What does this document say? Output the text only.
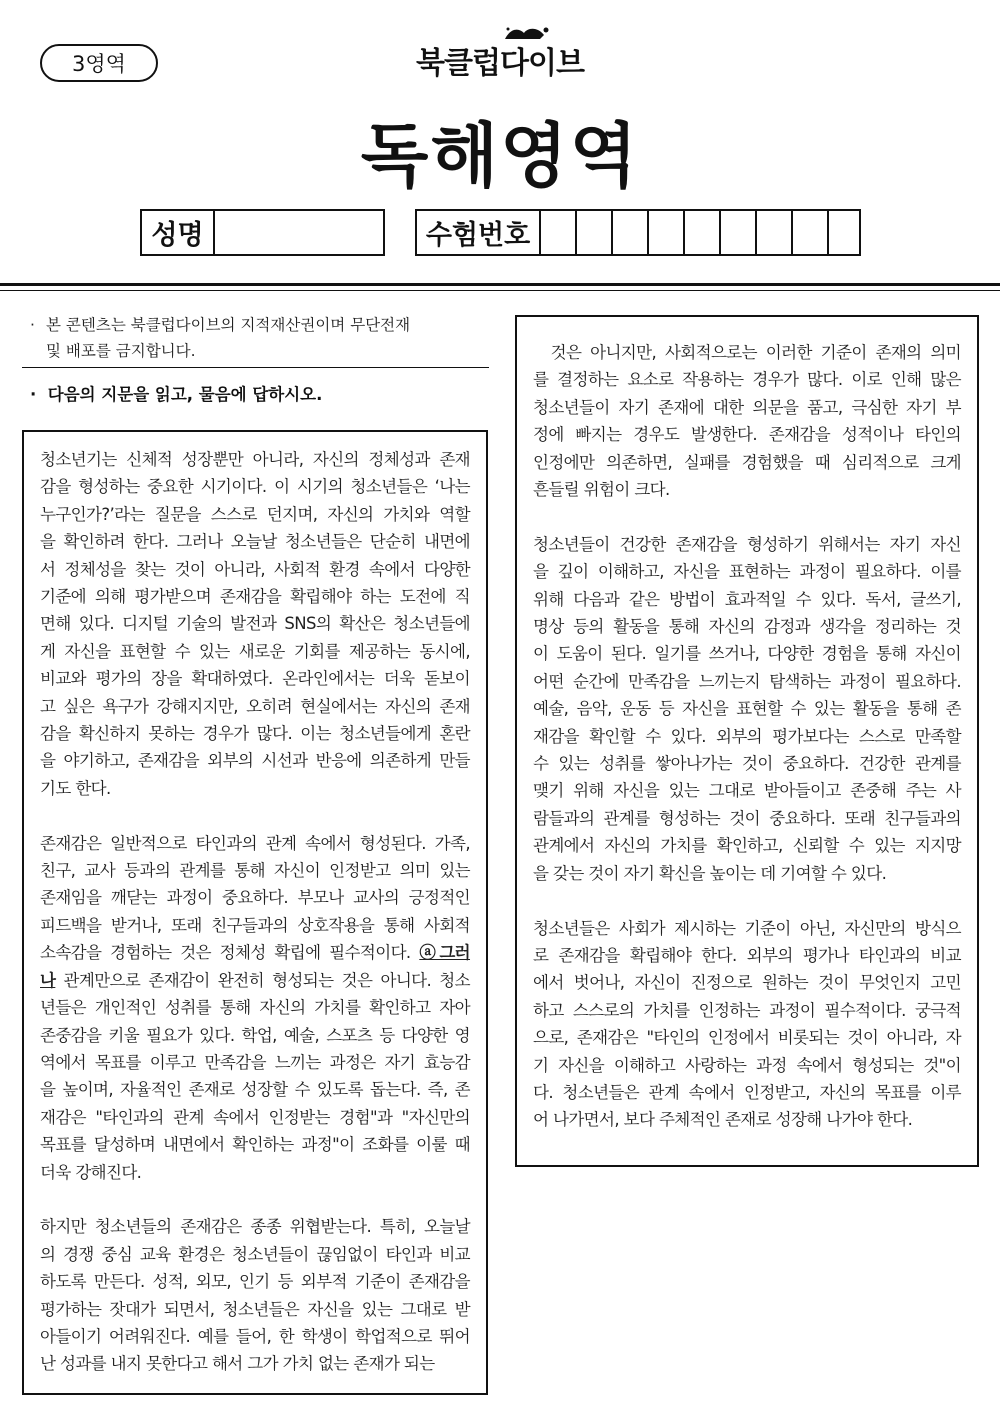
3영역	북클럽다이브
독해영역
성명	수험번호
· 본 콘텐츠는 북클럽다이브의 지적재산권이며 무단전재
및 배포를 금지합니다.
·  다음의 지문을 읽고, 물음에 답하시오.

청소년기는 신체적 성장뿐만 아니라, 자신의 정체성과 존재
감을 형성하는 중요한 시기이다. 이 시기의 청소년들은 ‘나는
누구인가?’라는 질문을 스스로 던지며, 자신의 가치와 역할
을 확인하려 한다. 그러나 오늘날 청소년들은 단순히 내면에
서 정체성을 찾는 것이 아니라, 사회적 환경 속에서 다양한
기준에 의해 평가받으며 존재감을 확립해야 하는 도전에 직
면해 있다. 디지털 기술의 발전과 SNS의 확산은 청소년들에
게 자신을 표현할 수 있는 새로운 기회를 제공하는 동시에,
비교와 평가의 장을 확대하였다. 온라인에서는 더욱 돋보이
고 싶은 욕구가 강해지지만, 오히려 현실에서는 자신의 존재
감을 확신하지 못하는 경우가 많다. 이는 청소년들에게 혼란
을 야기하고, 존재감을 외부의 시선과 반응에 의존하게 만들
기도 한다.

존재감은 일반적으로 타인과의 관계 속에서 형성된다. 가족,
친구, 교사 등과의 관계를 통해 자신이 인정받고 의미 있는
존재임을 깨닫는 과정이 중요하다. 부모나 교사의 긍정적인
피드백을 받거나, 또래 친구들과의 상호작용을 통해 사회적
소속감을 경험하는 것은 정체성 확립에 필수적이다. ⓐ그러
나 관계만으로 존재감이 완전히 형성되는 것은 아니다. 청소
년들은 개인적인 성취를 통해 자신의 가치를 확인하고 자아
존중감을 키울 필요가 있다. 학업, 예술, 스포츠 등 다양한 영
역에서 목표를 이루고 만족감을 느끼는 과정은 자기 효능감
을 높이며, 자율적인 존재로 성장할 수 있도록 돕는다. 즉, 존
재감은 "타인과의 관계 속에서 인정받는 경험"과 "자신만의
목표를 달성하며 내면에서 확인하는 과정"이 조화를 이룰 때
더욱 강해진다.

하지만 청소년들의 존재감은 종종 위협받는다. 특히, 오늘날
의 경쟁 중심 교육 환경은 청소년들이 끊임없이 타인과 비교
하도록 만든다. 성적, 외모, 인기 등 외부적 기준이 존재감을
평가하는 잣대가 되면서, 청소년들은 자신을 있는 그대로 받
아들이기 어려워진다. 예를 들어, 한 학생이 학업적으로 뛰어
난 성과를 내지 못한다고 해서 그가 가치 없는 존재가 되는

것은 아니지만, 사회적으로는 이러한 기준이 존재의 의미
를 결정하는 요소로 작용하는 경우가 많다. 이로 인해 많은
청소년들이 자기 존재에 대한 의문을 품고, 극심한 자기 부
정에 빠지는 경우도 발생한다. 존재감을 성적이나 타인의
인정에만 의존하면, 실패를 경험했을 때 심리적으로 크게
흔들릴 위험이 크다.

청소년들이 건강한 존재감을 형성하기 위해서는 자기 자신
을 깊이 이해하고, 자신을 표현하는 과정이 필요하다. 이를
위해 다음과 같은 방법이 효과적일 수 있다. 독서, 글쓰기,
명상 등의 활동을 통해 자신의 감정과 생각을 정리하는 것
이 도움이 된다. 일기를 쓰거나, 다양한 경험을 통해 자신이
어떤 순간에 만족감을 느끼는지 탐색하는 과정이 필요하다.
예술, 음악, 운동 등 자신을 표현할 수 있는 활동을 통해 존
재감을 확인할 수 있다. 외부의 평가보다는 스스로 만족할
수 있는 성취를 쌓아나가는 것이 중요하다. 건강한 관계를
맺기 위해 자신을 있는 그대로 받아들이고 존중해 주는 사
람들과의 관계를 형성하는 것이 중요하다. 또래 친구들과의
관계에서 자신의 가치를 확인하고, 신뢰할 수 있는 지지망
을 갖는 것이 자기 확신을 높이는 데 기여할 수 있다.

청소년들은 사회가 제시하는 기준이 아닌, 자신만의 방식으
로 존재감을 확립해야 한다. 외부의 평가나 타인과의 비교
에서 벗어나, 자신이 진정으로 원하는 것이 무엇인지 고민
하고 스스로의 가치를 인정하는 과정이 필수적이다. 궁극적
으로, 존재감은 "타인의 인정에서 비롯되는 것이 아니라, 자
기 자신을 이해하고 사랑하는 과정 속에서 형성되는 것"이
다. 청소년들은 관계 속에서 인정받고, 자신의 목표를 이루
어 나가면서, 보다 주체적인 존재로 성장해 나가야 한다.
